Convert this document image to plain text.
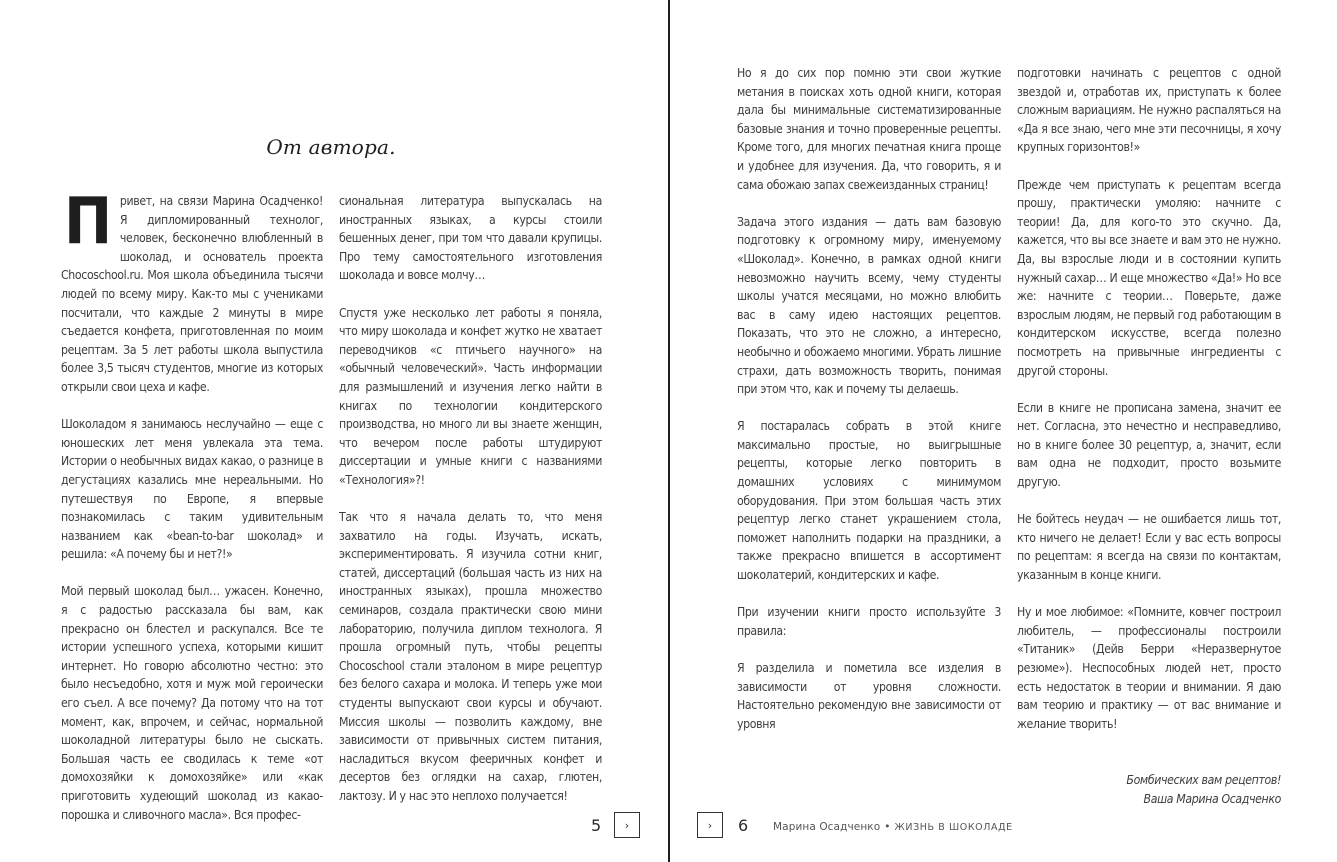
От автора.

Привет, на связи Марина Осадченко! Я дипломированный технолог, человек, бесконечно влюбленный в шоколад, и основатель проекта Chocoschool.ru. Моя школа объединила тысячи людей по всему миру. Как-то мы с учениками посчитали, что каждые 2 минуты в мире съедается конфета, приготовленная по моим рецептам. За 5 лет работы школа выпустила более 3,5 тысяч студентов, многие из которых открыли свои цеха и кафе.

Шоколадом я занимаюсь неслучайно — еще с юношеских лет меня увлекала эта тема. Истории о необычных видах какао, о разнице в дегустациях казались мне нереальными. Но путешествуя по Европе, я впервые познакомилась с таким удивительным названием как «bean-to-bar шоколад» и решила: «А почему бы и нет?!»

Мой первый шоколад был… ужасен. Конечно, я с радостью рассказала бы вам, как прекрасно он блестел и раскупался. Все те истории успешного успеха, которыми кишит интернет. Но говорю абсолютно честно: это было несъедобно, хотя и муж мой героически его съел. А все почему? Да потому что на тот момент, как, впрочем, и сейчас, нормальной шоколадной литературы было не сыскать. Большая часть ее сводилась к теме «от домохозяйки к домохозяйке» или «как приготовить худеющий шоколад из какао-порошка и сливочного масла». Вся профес-

сиональная литература выпускалась на иностранных языках, а курсы стоили бешенных денег, при том что давали крупицы. Про тему самостоятельного изготовления шоколада и вовсе молчу…

Спустя уже несколько лет работы я поняла, что миру шоколада и конфет жутко не хватает переводчиков «с птичьего научного» на «обычный человеческий». Часть информации для размышлений и изучения легко найти в книгах по технологии кондитерского производства, но много ли вы знаете женщин, что вечером после работы штудируют диссертации и умные книги с названиями «Технология»?!

Так что я начала делать то, что меня захватило на годы. Изучать, искать, экспериментировать. Я изучила сотни книг, статей, диссертаций (большая часть из них на иностранных языках), прошла множество семинаров, создала практически свою мини лабораторию, получила диплом технолога. Я прошла огромный путь, чтобы рецепты Chocoschool стали эталоном в мире рецептур без белого сахара и молока. И теперь уже мои студенты выпускают свои курсы и обучают. Миссия школы — позволить каждому, вне зависимости от привычных систем питания, насладиться вкусом фееричных конфет и десертов без оглядки на сахар, глютен, лактозу. И у нас это неплохо получается!

Но я до сих пор помню эти свои жуткие метания в поисках хоть одной книги, которая дала бы минимальные систематизированные базовые знания и точно проверенные рецепты. Кроме того, для многих печатная книга проще и удобнее для изучения. Да, что говорить, я и сама обожаю запах свежеизданных страниц!

Задача этого издания — дать вам базовую подготовку к огромному миру, именуемому «Шоколад». Конечно, в рамках одной книги невозможно научить всему, чему студенты школы учатся месяцами, но можно влюбить вас в саму идею настоящих рецептов. Показать, что это не сложно, а интересно, необычно и обожаемо многими. Убрать лишние страхи, дать возможность творить, понимая при этом что, как и почему ты делаешь.

Я постаралась собрать в этой книге максимально простые, но выигрышные рецепты, которые легко повторить в домашних условиях с минимумом оборудования. При этом большая часть этих рецептур легко станет украшением стола, поможет наполнить подарки на праздники, а также прекрасно впишется в ассортимент шоколатерий, кондитерских и кафе.

При изучении книги просто используйте 3 правила:

Я разделила и пометила все изделия в зависимости от уровня сложности. Настоятельно рекомендую вне зависимости от уровня

подготовки начинать с рецептов с одной звездой и, отработав их, приступать к более сложным вариациям. Не нужно распаляться на «Да я все знаю, чего мне эти песочницы, я хочу крупных горизонтов!»

Прежде чем приступать к рецептам всегда прошу, практически умоляю: начните с теории! Да, для кого-то это скучно. Да, кажется, что вы все знаете и вам это не нужно. Да, вы взрослые люди и в состоянии купить нужный сахар… И еще множество «Да!» Но все же: начните с теории… Поверьте, даже взрослым людям, не первый год работающим в кондитерском искусстве, всегда полезно посмотреть на привычные ингредиенты с другой стороны.

Если в книге не прописана замена, значит ее нет. Согласна, это нечестно и несправедливо, но в книге более 30 рецептур, а, значит, если вам одна не подходит, просто возьмите другую.

Не бойтесь неудач — не ошибается лишь тот, кто ничего не делает! Если у вас есть вопросы по рецептам: я всегда на связи по контактам, указанным в конце книги.

Ну и мое любимое: «Помните, ковчег построил любитель, — профессионалы построили «Титаник» (Дейв Берри «Неразвернутое резюме»). Неспособных людей нет, просто есть недостаток в теории и внимании. Я даю вам теорию и практику — от вас внимание и желание творить!

Бомбических вам рецептов!
Ваша Марина Осадченко
5 ›	› 6 Марина Осадченко • ЖИЗНЬ В ШОКОЛАДЕ
